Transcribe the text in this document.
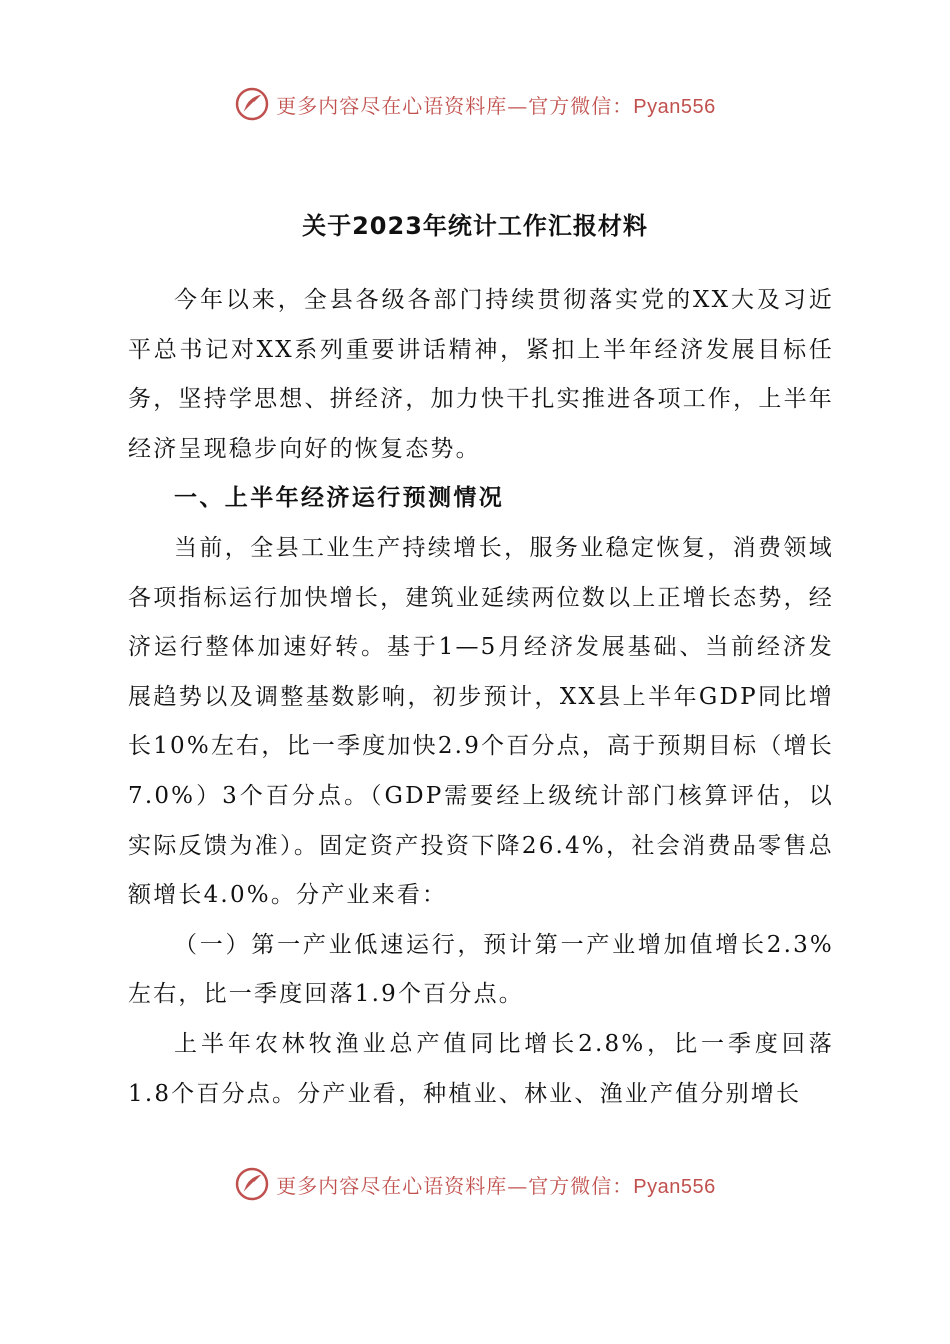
更多内容尽在心语资料库—官方微信：Pyan556
关于2023年统计工作汇报材料

今年以来，全县各级各部门持续贯彻落实党的XX大及习近平总书记对XX系列重要讲话精神，紧扣上半年经济发展目标任务，坚持学思想、拼经济，加力快干扎实推进各项工作，上半年经济呈现稳步向好的恢复态势。

一、上半年经济运行预测情况

当前，全县工业生产持续增长，服务业稳定恢复，消费领域各项指标运行加快增长，建筑业延续两位数以上正增长态势，经济运行整体加速好转。基于1—5月经济发展基础、当前经济发展趋势以及调整基数影响，初步预计，XX县上半年GDP同比增长10%左右，比一季度加快2.9个百分点，高于预期目标（增长7.0%）3个百分点。（GDP需要经上级统计部门核算评估，以实际反馈为准）。固定资产投资下降26.4%，社会消费品零售总额增长4.0%。分产业来看：

（一）第一产业低速运行，预计第一产业增加值增长2.3%左右，比一季度回落1.9个百分点。

上半年农林牧渔业总产值同比增长2.8%，比一季度回落1.8个百分点。分产业看，种植业、林业、渔业产值分别增长

更多内容尽在心语资料库—官方微信：Pyan556
